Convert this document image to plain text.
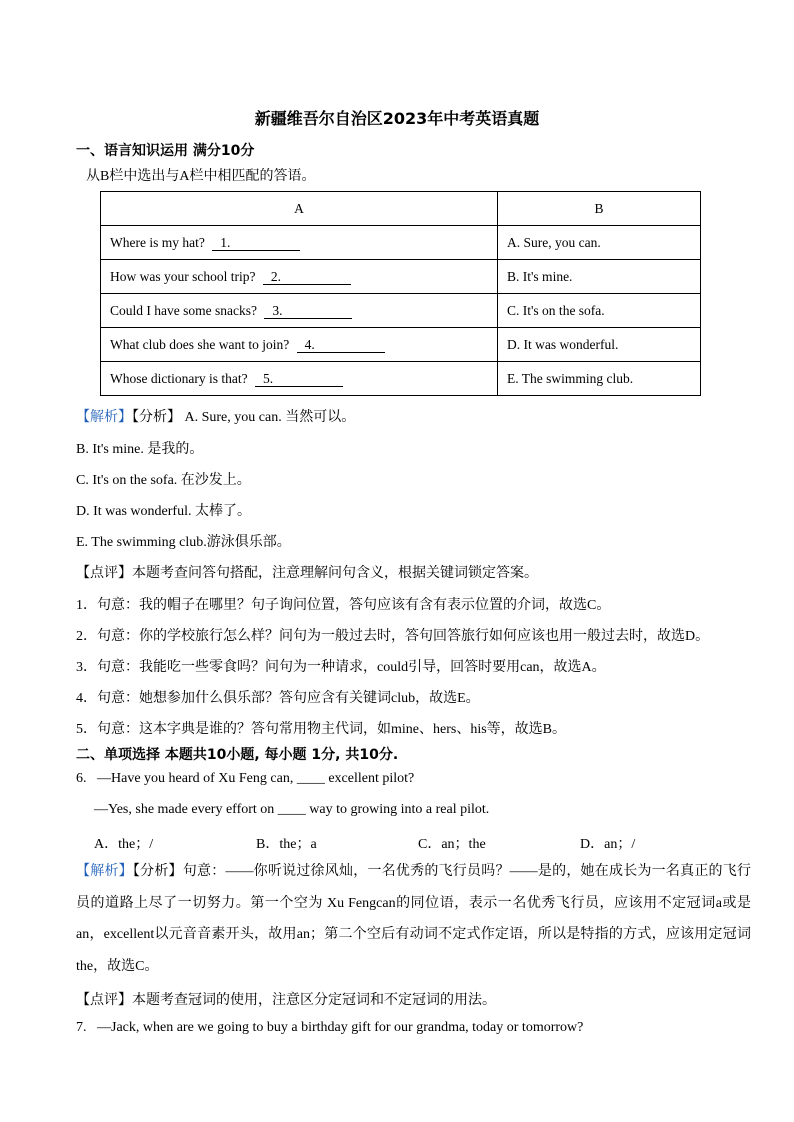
新疆维吾尔自治区2023年中考英语真题
一、语言知识运用 满分10分
从B栏中选出与A栏中相匹配的答语。
A	B
Where is my hat? 1.	A. Sure, you can.
How was your school trip? 2.	B. It's mine.
Could I have some snacks? 3.	C. It's on the sofa.
What club does she want to join? 4.	D. It was wonderful.
Whose dictionary is that? 5.	E. The swimming club.
【解析】【分析】 A. Sure, you can. 当然可以。
B. It's mine. 是我的。
C. It's on the sofa. 在沙发上。
D. It was wonderful. 太棒了。
E. The swimming club.游泳俱乐部。
【点评】本题考查问答句搭配，注意理解问句含义，根据关键词锁定答案。
1．句意：我的帽子在哪里？句子询问位置，答句应该有含有表示位置的介词，故选C。
2．句意：你的学校旅行怎么样？问句为一般过去时，答句回答旅行如何应该也用一般过去时，故选D。
3．句意：我能吃一些零食吗？问句为一种请求，could引导，回答时要用can，故选A。
4．句意：她想参加什么俱乐部？答句应含有关键词club，故选E。
5．句意：这本字典是谁的？答句常用物主代词，如mine、hers、his等，故选B。
二、单项选择 本题共10小题, 每小题 1分, 共10分.
6.   —Have you heard of Xu Feng can, ____ excellent pilot?
—Yes, she made every effort on ____ way to growing into a real pilot.
A．the；/	B．the；a	C．an；the	D．an；/
【解析】【分析】句意：——你听说过徐风灿，一名优秀的飞行员吗？——是的，她在成长为一名真正的飞行员的道路上尽了一切努力。第一个空为 Xu Fengcan的同位语，表示一名优秀飞行员，应该用不定冠词a或是an，excellent以元音音素开头，故用an；第二个空后有动词不定式作定语，所以是特指的方式，应该用定冠词the，故选C。
【点评】本题考查冠词的使用，注意区分定冠词和不定冠词的用法。
7.   —Jack, when are we going to buy a birthday gift for our grandma, today or tomorrow?
